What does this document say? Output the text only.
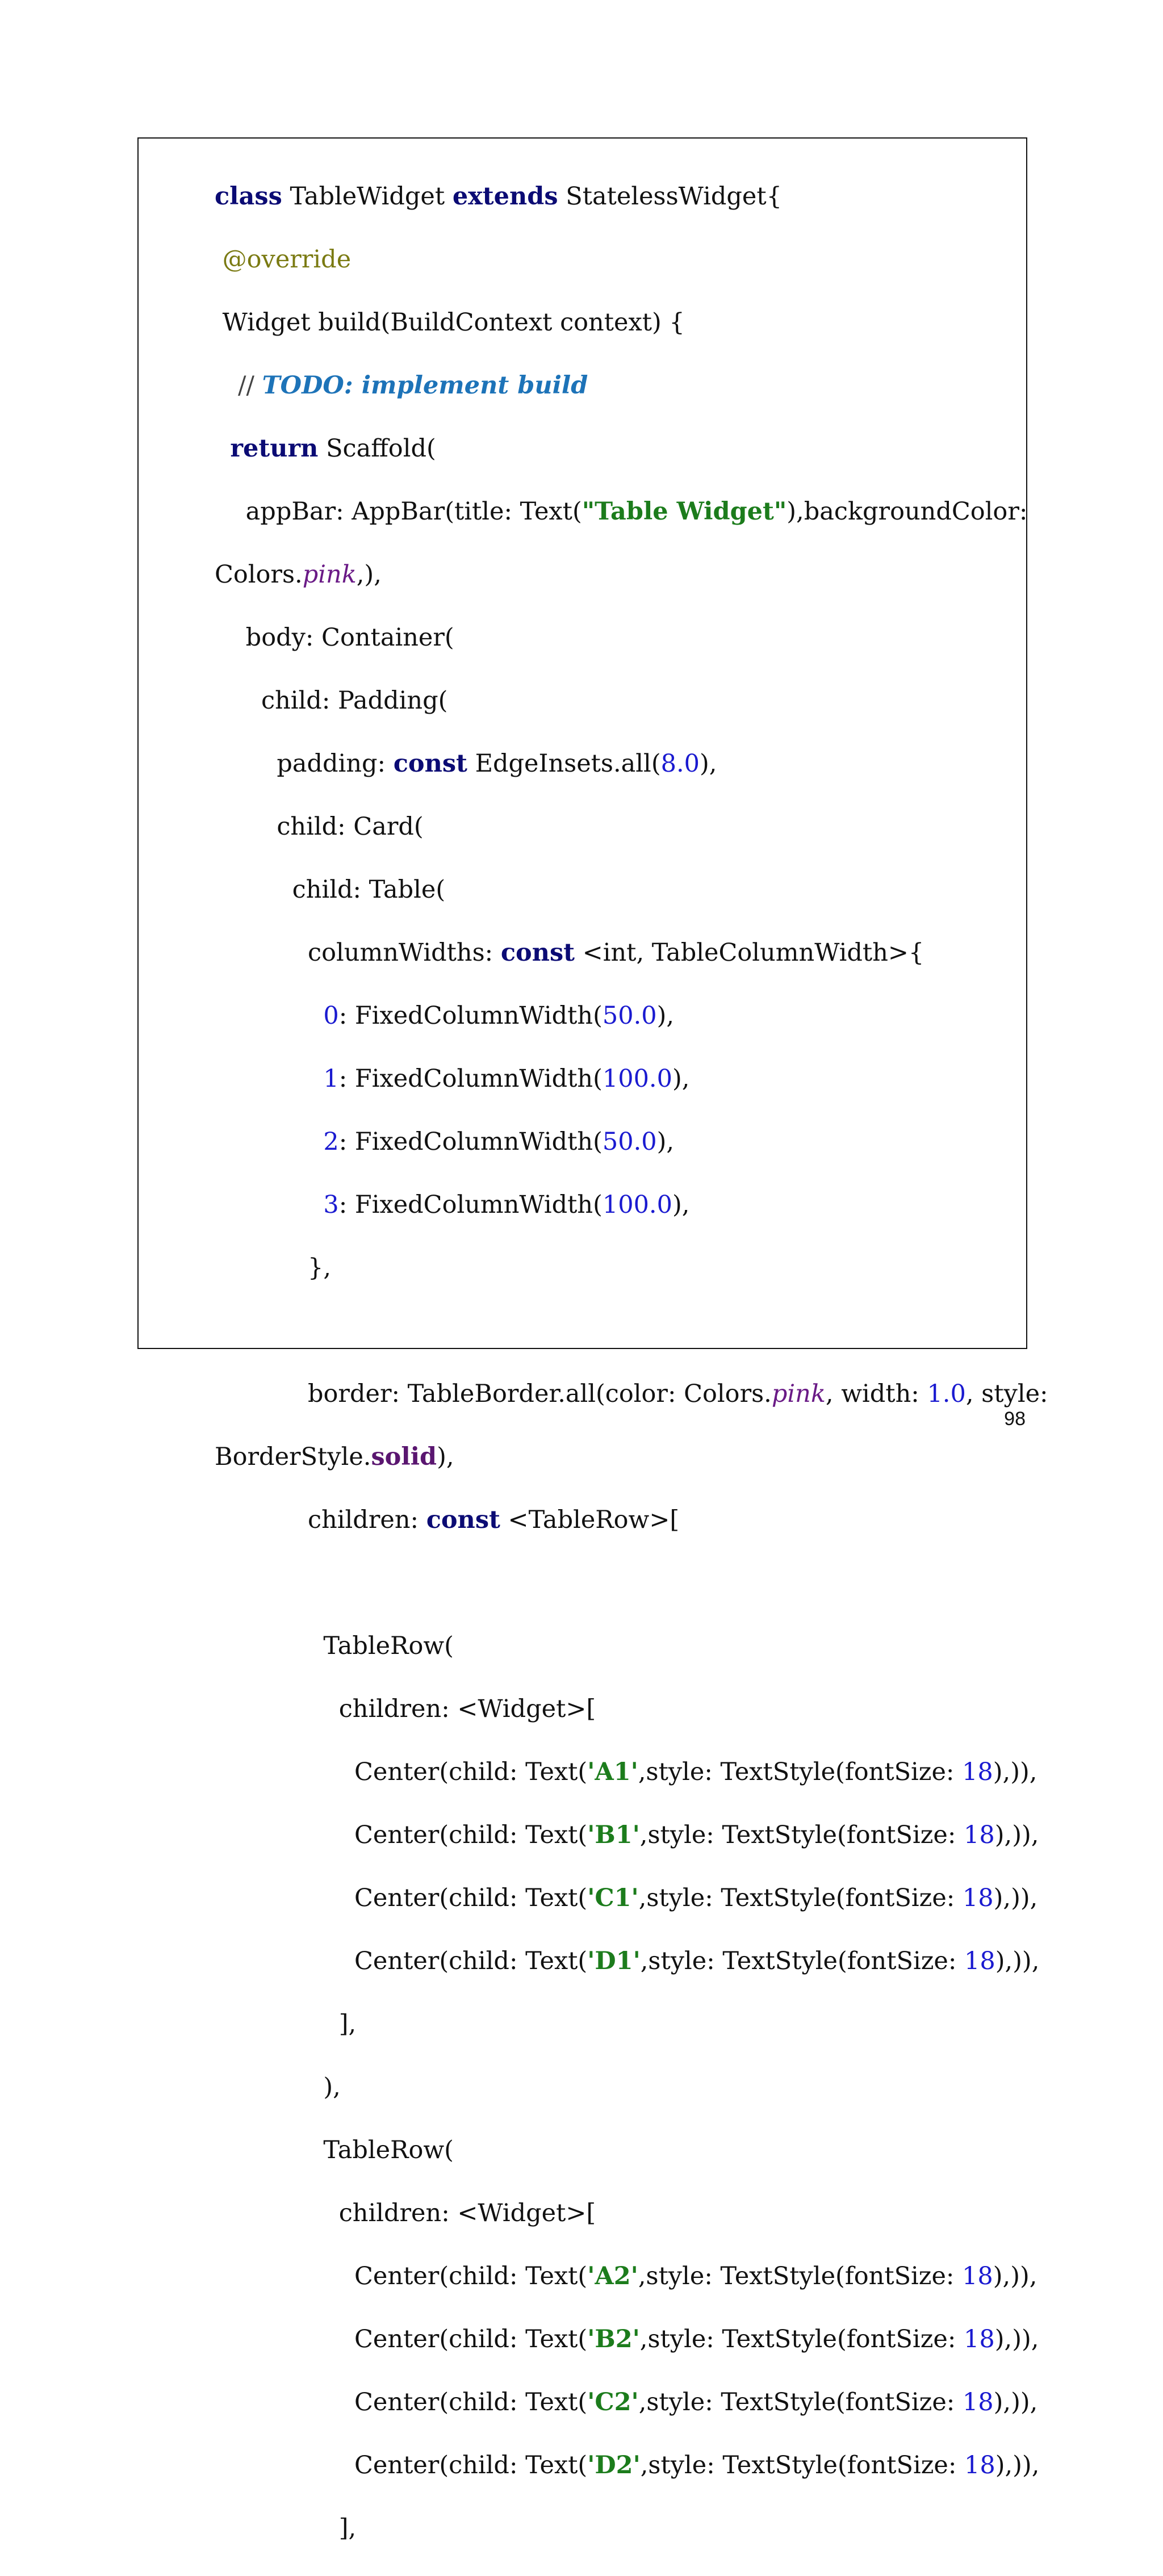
class TableWidget extends StatelessWidget{

@override

Widget build(BuildContext context) {

// TODO: implement build

return Scaffold(

appBar: AppBar(title: Text("Table Widget"),backgroundColor:

Colors.pink,),

body: Container(

child: Padding(

padding: const EdgeInsets.all(8.0),

child: Card(

child: Table(

columnWidths: const <int, TableColumnWidth>{

0: FixedColumnWidth(50.0),

1: FixedColumnWidth(100.0),

2: FixedColumnWidth(50.0),

3: FixedColumnWidth(100.0),

},

border: TableBorder.all(color: Colors.pink, width: 1.0, style:

BorderStyle.solid),

children: const <TableRow>[

TableRow(

children: <Widget>[

Center(child: Text('A1',style: TextStyle(fontSize: 18),)),

Center(child: Text('B1',style: TextStyle(fontSize: 18),)),

Center(child: Text('C1',style: TextStyle(fontSize: 18),)),

Center(child: Text('D1',style: TextStyle(fontSize: 18),)),

],

),

TableRow(

children: <Widget>[

Center(child: Text('A2',style: TextStyle(fontSize: 18),)),

Center(child: Text('B2',style: TextStyle(fontSize: 18),)),

Center(child: Text('C2',style: TextStyle(fontSize: 18),)),

Center(child: Text('D2',style: TextStyle(fontSize: 18),)),

],

98
